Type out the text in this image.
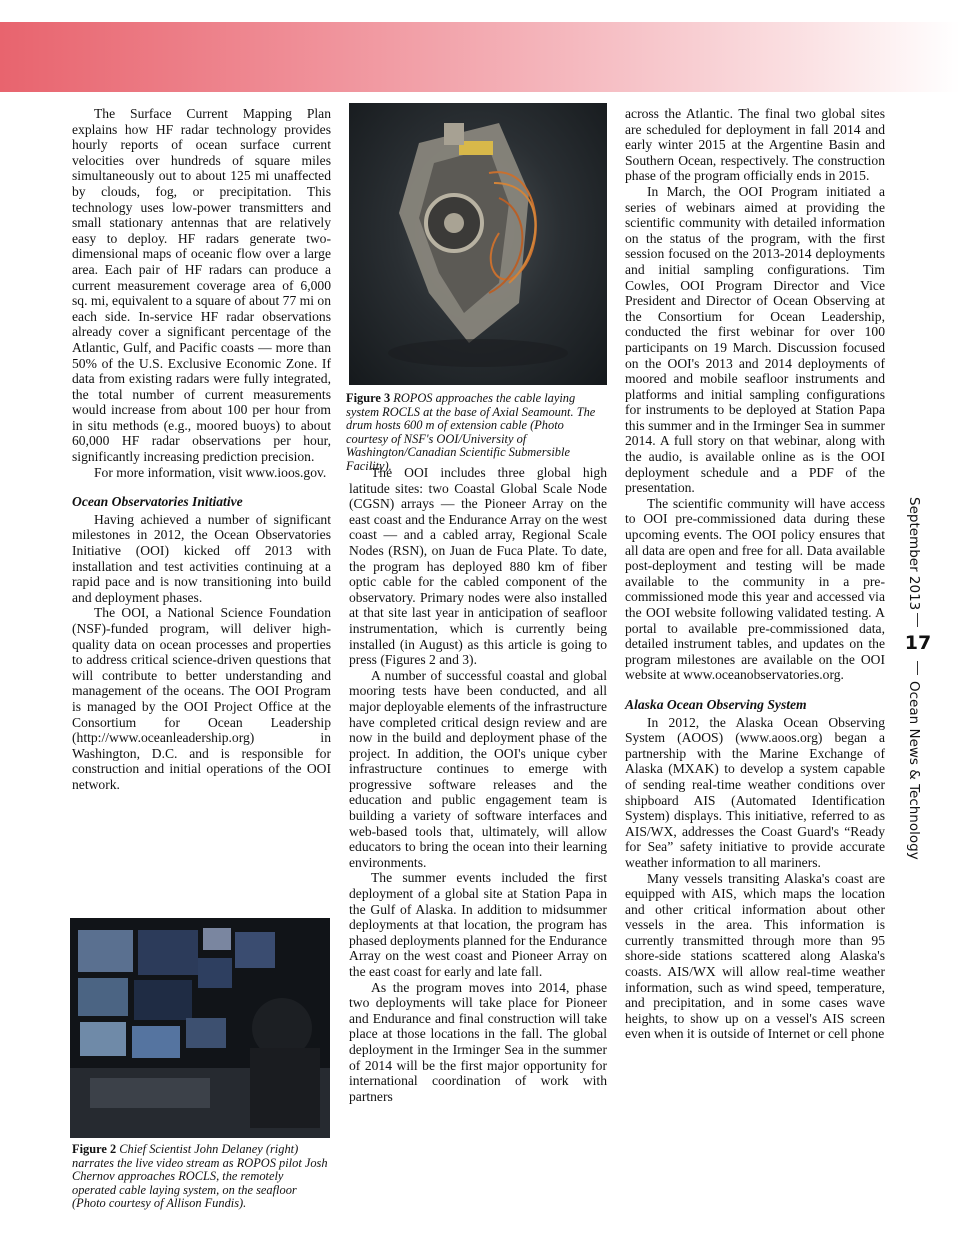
The Surface Current Mapping Plan explains how HF radar technology provides hourly reports of ocean surface current velocities over hundreds of square miles simultaneously out to about 125 mi unaffected by clouds, fog, or precipitation. This technology uses low-power transmitters and small stationary antennas that are relatively easy to deploy. HF radars generate two-dimensional maps of oceanic flow over a large area. Each pair of HF radars can produce a current measurement coverage area of 6,000 sq. mi, equivalent to a square of about 77 mi on each side. In-service HF radar observations already cover a significant percentage of the Atlantic, Gulf, and Pacific coasts — more than 50% of the U.S. Exclusive Economic Zone. If data from existing radars were fully integrated, the total number of current measurements would increase from about 100 per hour from in situ methods (e.g., moored buoys) to about 60,000 HF radar observations per hour, significantly increasing prediction precision.

For more information, visit www.ioos.gov.

Ocean Observatories Initiative

Having achieved a number of significant milestones in 2012, the Ocean Observatories Initiative (OOI) kicked off 2013 with installation and test activities continuing at a rapid pace and is now transitioning into build and deployment phases.

The OOI, a National Science Foundation (NSF)-funded program, will deliver high-quality data on ocean processes and properties to address critical science-driven questions that will contribute to better understanding and management of the oceans. The OOI Program is managed by the OOI Project Office at the Consortium for Ocean Leadership (http://www.oceanleadership.org) in Washington, D.C. and is responsible for construction and initial operations of the OOI network.

Figure 3 ROPOS approaches the cable laying system ROCLS at the base of Axial Seamount. The drum hosts 600 m of extension cable (Photo courtesy of NSF's OOI/University of Washington/Canadian Scientific Submersible Facility).

The OOI includes three global high latitude sites: two Coastal Global Scale Node (CGSN) arrays — the Pioneer Array on the east coast and the Endurance Array on the west coast — and a cabled array, Regional Scale Nodes (RSN), on Juan de Fuca Plate. To date, the program has deployed 880 km of fiber optic cable for the cabled component of the observatory. Primary nodes were also installed at that site last year in anticipation of seafloor instrumentation, which is currently being installed (in August) as this article is going to press (Figures 2 and 3).

A number of successful coastal and global mooring tests have been conducted, and all major deployable elements of the infrastructure have completed critical design review and are now in the build and deployment phase of the project. In addition, the OOI's unique cyber infrastructure continues to emerge with progressive software releases and the education and public engagement team is building a variety of software interfaces and web-based tools that, ultimately, will allow educators to bring the ocean into their learning environments.

The summer events included the first deployment of a global site at Station Papa in the Gulf of Alaska. In addition to midsummer deployments at that location, the program has phased deployments planned for the Endurance Array on the west coast and Pioneer Array on the east coast for early and late fall.

As the program moves into 2014, phase two deployments will take place for Pioneer and Endurance and final construction will take place at those locations in the fall. The global deployment in the Irminger Sea in the summer of 2014 will be the first major opportunity for international coordination of work with partners

across the Atlantic. The final two global sites are scheduled for deployment in fall 2014 and early winter 2015 at the Argentine Basin and Southern Ocean, respectively. The construction phase of the program officially ends in 2015.

In March, the OOI Program initiated a series of webinars aimed at providing the scientific community with detailed information on the status of the program, with the first session focused on the 2013-2014 deployments and initial sampling configurations. Tim Cowles, OOI Program Director and Vice President and Director of Ocean Observing at the Consortium for Ocean Leadership, conducted the first webinar for over 100 participants on 19 March. Discussion focused on the OOI's 2013 and 2014 deployments of moored and mobile seafloor instruments and platforms and initial sampling configurations for instruments to be deployed at Station Papa this summer and in the Irminger Sea in summer 2014. A full story on that webinar, along with the audio, is available online as is the OOI deployment schedule and a PDF of the presentation.

The scientific community will have access to OOI pre-commissioned data during these upcoming events. The OOI policy ensures that all data are open and free for all. Data available post-deployment and testing will be made available to the community in a pre-commissioned mode this year and accessed via the OOI website following validated testing. A portal to available pre-commissioned data, detailed instrument tables, and updates on the program milestones are available on the OOI website at www.oceanobservatories.org.

Alaska Ocean Observing System

In 2012, the Alaska Ocean Observing System (AOOS) (www.aoos.org) began a partnership with the Marine Exchange of Alaska (MXAK) to develop a system capable of sending real-time weather conditions over shipboard AIS (Automated Identification System) displays. This initiative, referred to as AIS/WX, addresses the Coast Guard's “Ready for Sea” safety initiative to provide accurate weather information to all mariners.

Many vessels transiting Alaska's coast are equipped with AIS, which maps the location and other critical information about other vessels in the area. This information is currently transmitted through more than 95 shore-side stations scattered along Alaska's coasts. AIS/WX will allow real-time weather information, such as wind speed, temperature, and precipitation, and in some cases wave heights, to show up on a vessel's AIS screen even when it is outside of Internet or cell phone

Figure 2 Chief Scientist John Delaney (right) narrates the live video stream as ROPOS pilot Josh Chernov approaches ROCLS, the remotely operated cable laying system, on the seafloor (Photo courtesy of Allison Fundis).
September 2013
17
Ocean News & Technology
